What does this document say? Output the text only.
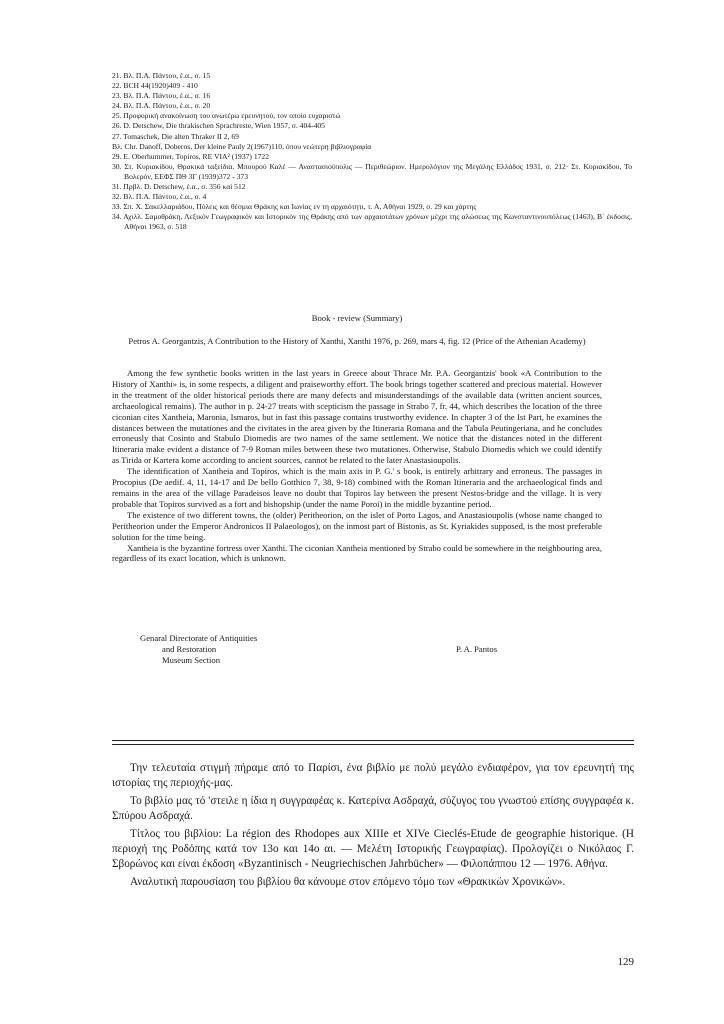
21. Βλ. Π.Α. Πάντου, ἑ.α., σ. 15

22. BCH 44(1920)409 - 410

23. Βλ. Π.Α. Πάντου, ἑ.α., σ. 16

24. Βλ. Π.Α. Πάντου, ἑ.α., σ. 20

25. Προφορική ανακοίνωση του ανωτέρω ερευνητού, τον οποίο ευχαριστώ

26. D. Detschew, Die thrakischen Sprachreste, Wien 1957, σ. 404-405

27. Tomaschek, Die alten Thraker II 2, 69

Βλ. Chr. Danoff, Doberos, Der kleine Pauly 2(1967)110, όπου νεώτερη βιβλιογραφία

29. E. Oberhummer, Topiros, RE VIA² (1937) 1722

30. Στ. Κυριακίδου, Θρακικά ταξείδια. Μπουρού Καλέ — Αναστασιούπολις — Περιθεώριον. Ημερολόγιον της Μεγάλης Ελλάδος 1931, σ. 212· Στ. Κυριακίδου, Το Βολερόν, ΕΕΦΣ ΠΘ 3Γ (1939)372 - 373

31. Πρβλ. D. Detschew, ἑ.α., σ. 356 καὶ 512

32. Βλ. Π.Α. Πάντου, ἑ.α., σ. 4

33. Σπ. Χ. Σακελλαριάδου, Πόλεις και θέσμια Θράκης και Ιωνίας εν τη αρχαιότητι, τ. Α, Αθήναι 1929, σ. 29 και χάρτης

34. Αχιλλ. Σαμοθράκη, Λεξικόν Γεωγραφικόν και Ιστορικόν της Θράκης από των αρχαιοτάτων χρόνων μέχρι της αλώσεως της Κωνσταντινουπόλεως (1463), Β΄ έκδοσις, Αθήναι 1963, σ. 518

Book - review (Summary)
Petros A. Georgantzis, A Contribution to the History of Xanthi, Xanthi 1976, p. 269, mars 4, fig. 12 (Price of the Athenian Academy)

Among the few synthetic books written in the last years in Greece about Thrace Mr. P.A. Georgantzis' book «A Contribution to the History of Xanthi» is, in some respects, a diligent and praiseworthy effort. The book brings together scattered and precious material. However in the treatment of the older historical periods there are many defects and misunderstandings of the available data (written ancient sources, archaeological remains). The author in p. 24-27 treats with scepticism the passage in Strabo 7, fr. 44, which describes the location of the three ciconian cites Xantheia, Maronia, Ismaros, but in fast this passage contains trustworthy evidence. In chapter 3 of the Ist Part, he examines the distances between the mutationes and the civitates in the area given by the Itineraria Romana and the Tabula Peutingeriana, and he concludes erroneusly that Cosinto and Stabulo Diomedis are two names of the same settlement. We notice that the distances noted in the different Itineraria make evident a distance of 7-9 Roman miles between these two mutationes. Otherwise, Stabulo Diomedis which we could identify as Tirida or Kartera kome according to ancient sources, cannot be related to the later Anastasioupolis.

The identification of Xantheia and Topiros, which is the main axis in P. G.' s book, is entirely arbitrary and erroneus. The passages in Procopius (De aedif. 4, 11, 14-17 and De bello Gotthico 7, 38, 9-18) combined with the Roman Itineraria and the archaeological finds and remains in the area of the village Paradeisos leave no doubt that Topiros lay between the present Nestos-bridge and the village. It is very probable that Topiros survived as a fort and bishopship (under the name Poroi) in the middle byzantine period.

The existence of two different towns, the (older) Peritheorion, on the islet of Porto Lagos, and Anastasioupolis (whose name changed to Peritheorion under the Emperor Andronicos II Palaeologos), on the inmost part of Bistonis, as St. Kyriakides supposed, is the most preferable solution for the time being.

Xantheia is the byzantine fortress over Xanthi. The ciconian Xantheia mentioned by Strabo could be somewhere in the neighbouring area, regardless of its exact location, which is unknown.

Genaral Directorate of Antiquities
and Restoration
Museum Section
P. A. Pantos

Την τελευταία στιγμή πήραμε από το Παρίσι, ένα βιβλίο με πολύ μεγάλο ενδιαφέρον, για τον ερευνητή της ιστορίας της περιοχής-μας.

Το βιβλίο μας τό 'στειλε η ίδια η συγγραφέας κ. Κατερίνα Ασδραχά, σύζυγος του γνωστού επίσης συγγραφέα κ. Σπύρου Ασδραχά.

Τίτλος του βιβλίου: La région des Rhodopes aux XIIIe et XIVe Cieclés-Etude de geographie historique. (Η περιοχή της Ροδόπης κατά τον 13ο και 14ο αι. — Μελέτη Ιστορικής Γεωγραφίας). Προλογίζει ο Νικόλαος Γ. Σβορώνος και είναι έκδοση «Byzantinisch - Neugriechischen Jahrbücher» — Φιλοπάππου 12 — 1976. Αθήνα.

Αναλυτική παρουσίαση του βιβλίου θα κάνουμε στον επόμενο τόμο των «Θρακικών Χρονικών».

129
